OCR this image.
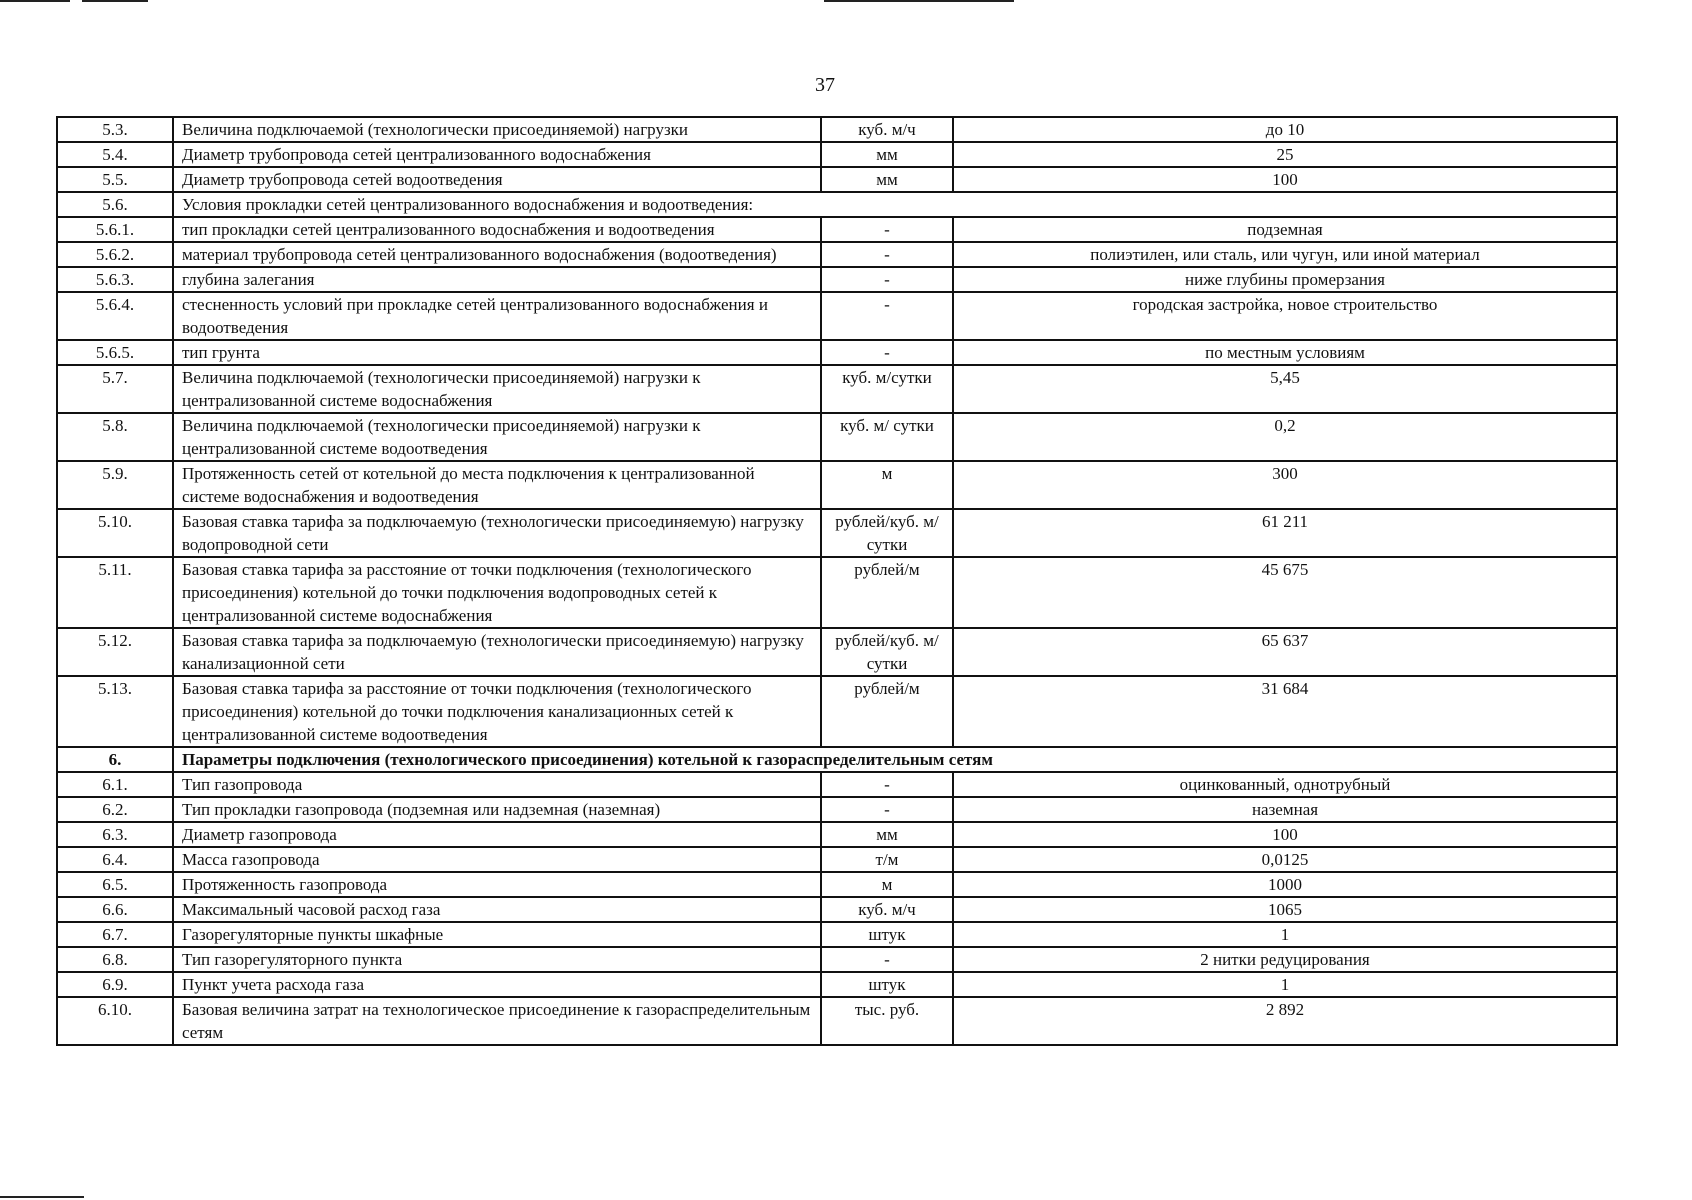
37
5.3.	Величина подключаемой (технологически присоединяемой) нагрузки	куб. м/ч	до 10
5.4.	Диаметр трубопровода сетей централизованного водоснабжения	мм	25
5.5.	Диаметр трубопровода сетей водоотведения	мм	100
5.6.	Условия прокладки сетей централизованного водоснабжения и водоотведения:		
5.6.1.	тип прокладки сетей централизованного водоснабжения и водоотведения	-	подземная
5.6.2.	материал трубопровода сетей централизованного водоснабжения (водоотведения)	-	полиэтилен, или сталь, или чугун, или иной материал
5.6.3.	глубина залегания	-	ниже глубины промерзания
5.6.4.	стесненность условий при прокладке сетей централизованного водоснабжения и водоотведения	-	городская застройка, новое строительство
5.6.5.	тип грунта	-	по местным условиям
5.7.	Величина подключаемой (технологически присоединяемой) нагрузки к централизованной системе водоснабжения	куб. м/сутки	5,45
5.8.	Величина подключаемой (технологически присоединяемой) нагрузки к централизованной системе водоотведения	куб. м/ сутки	0,2
5.9.	Протяженность сетей от котельной до места подключения к централизованной системе водоснабжения и водоотведения	м	300
5.10.	Базовая ставка тарифа за подключаемую (технологически присоединяемую) нагрузку водопроводной сети	рублей/куб. м/сутки	61 211
5.11.	Базовая ставка тарифа за расстояние от точки подключения (технологического присоединения) котельной до точки подключения водопроводных сетей к централизованной системе водоснабжения	рублей/м	45 675
5.12.	Базовая ставка тарифа за подключаемую (технологически присоединяемую) нагрузку канализационной сети	рублей/куб. м/сутки	65 637
5.13.	Базовая ставка тарифа за расстояние от точки подключения (технологического присоединения) котельной до точки подключения канализационных сетей к централизованной системе водоотведения	рублей/м	31 684
6.	Параметры подключения (технологического присоединения) котельной к газораспределительным сетям		
6.1.	Тип газопровода	-	оцинкованный, однотрубный
6.2.	Тип прокладки газопровода (подземная или надземная (наземная)	-	наземная
6.3.	Диаметр газопровода	мм	100
6.4.	Масса газопровода	т/м	0,0125
6.5.	Протяженность газопровода	м	1000
6.6.	Максимальный часовой расход газа	куб. м/ч	1065
6.7.	Газорегуляторные пункты шкафные	штук	1
6.8.	Тип газорегуляторного пункта	-	2 нитки редуцирования
6.9.	Пункт учета расхода газа	штук	1
6.10.	Базовая величина затрат на технологическое присоединение к газораспределительным сетям	тыс. руб.	2 892
